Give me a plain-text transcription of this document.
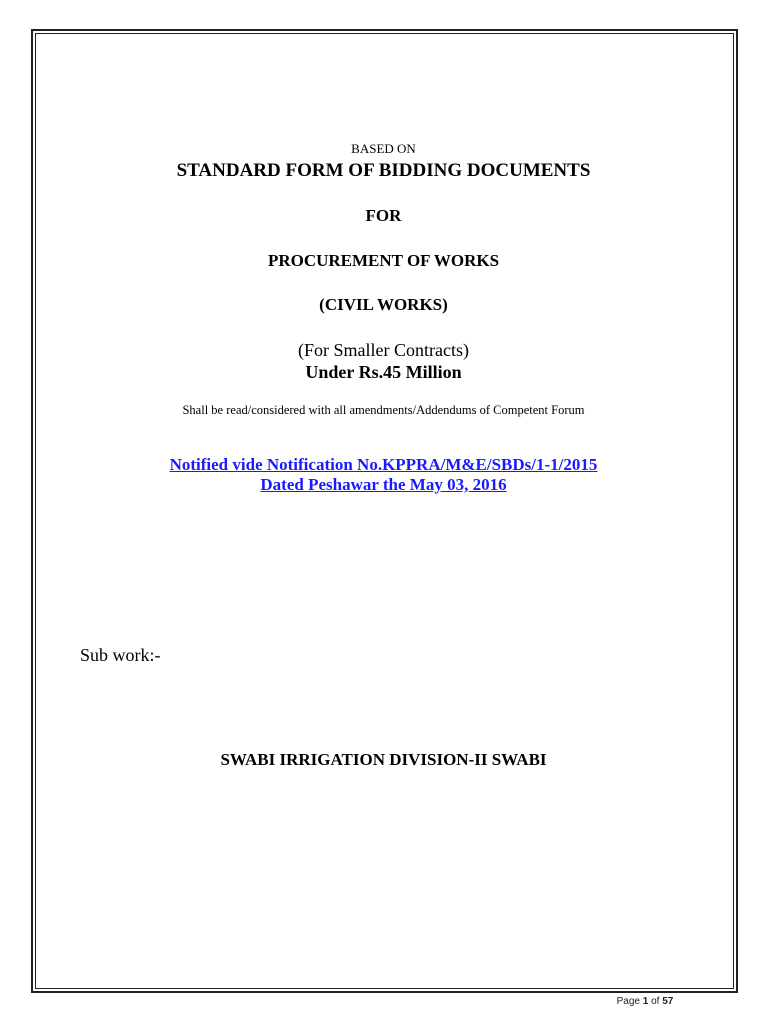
BASED ON
STANDARD FORM OF BIDDING DOCUMENTS
FOR
PROCUREMENT OF WORKS
(CIVIL WORKS)
(For Smaller Contracts)
Under Rs.45 Million
Shall be read/considered with all amendments/Addendums of Competent Forum
Notified vide Notification No.KPPRA/M&E/SBDs/1-1/2015
Dated Peshawar the May 03, 2016
Sub work:-
SWABI IRRIGATION DIVISION-II SWABI
Page 1 of 57
